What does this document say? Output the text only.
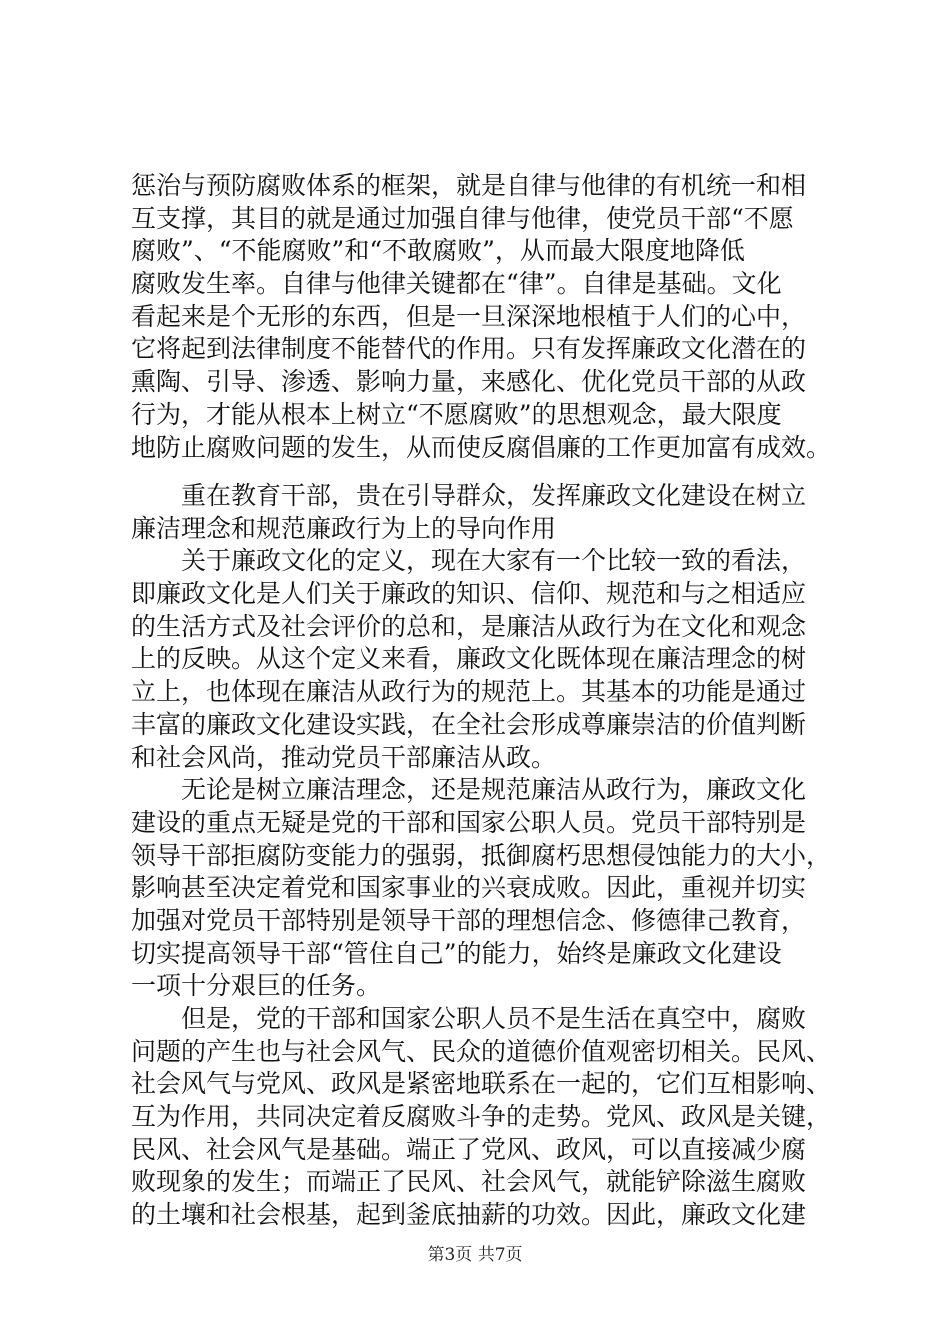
惩治与预防腐败体系的框架，就是自律与他律的有机统一和相
互支撑，其目的就是通过加强自律与他律，使党员干部“不愿
腐败”、“不能腐败”和“不敢腐败”，从而最大限度地降低
腐败发生率。自律与他律关键都在“律”。自律是基础。文化
看起来是个无形的东西，但是一旦深深地根植于人们的心中，
它将起到法律制度不能替代的作用。只有发挥廉政文化潜在的
熏陶、引导、渗透、影响力量，来感化、优化党员干部的从政
行为，才能从根本上树立“不愿腐败”的思想观念，最大限度
地防止腐败问题的发生，从而使反腐倡廉的工作更加富有成效。
　　重在教育干部，贵在引导群众，发挥廉政文化建设在树立
廉洁理念和规范廉政行为上的导向作用
　　关于廉政文化的定义，现在大家有一个比较一致的看法，
即廉政文化是人们关于廉政的知识、信仰、规范和与之相适应
的生活方式及社会评价的总和，是廉洁从政行为在文化和观念
上的反映。从这个定义来看，廉政文化既体现在廉洁理念的树
立上，也体现在廉洁从政行为的规范上。其基本的功能是通过
丰富的廉政文化建设实践，在全社会形成尊廉崇洁的价值判断
和社会风尚，推动党员干部廉洁从政。
　　无论是树立廉洁理念，还是规范廉洁从政行为，廉政文化
建设的重点无疑是党的干部和国家公职人员。党员干部特别是
领导干部拒腐防变能力的强弱，抵御腐朽思想侵蚀能力的大小，
影响甚至决定着党和国家事业的兴衰成败。因此，重视并切实
加强对党员干部特别是领导干部的理想信念、修德律己教育，
切实提高领导干部“管住自己”的能力，始终是廉政文化建设
一项十分艰巨的任务。
　　但是，党的干部和国家公职人员不是生活在真空中，腐败
问题的产生也与社会风气、民众的道德价值观密切相关。民风、
社会风气与党风、政风是紧密地联系在一起的，它们互相影响、
互为作用，共同决定着反腐败斗争的走势。党风、政风是关键，
民风、社会风气是基础。端正了党风、政风，可以直接减少腐
败现象的发生；而端正了民风、社会风气，就能铲除滋生腐败
的土壤和社会根基，起到釜底抽薪的功效。因此，廉政文化建
第3页 共7页
